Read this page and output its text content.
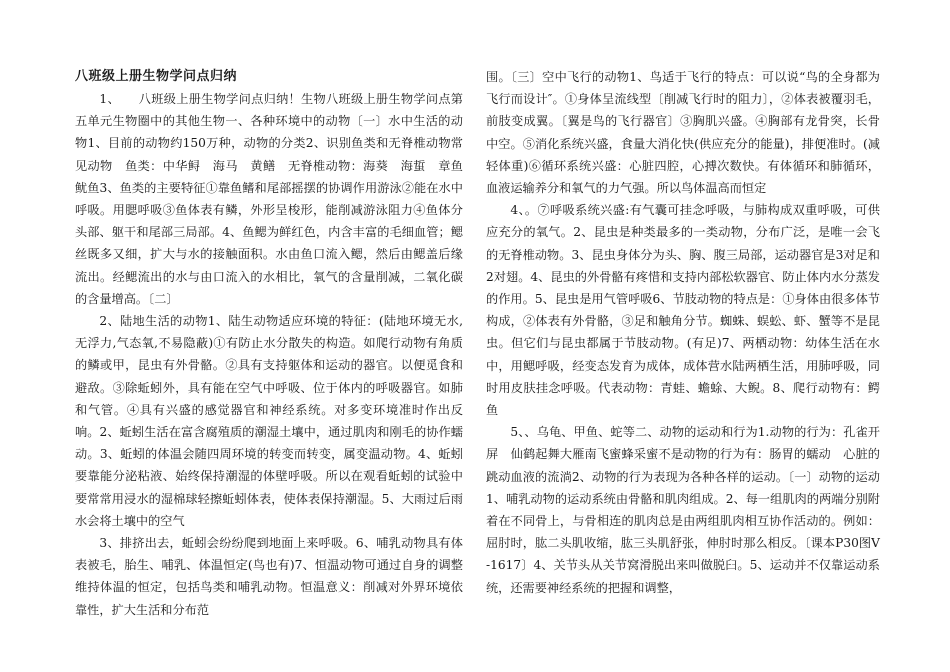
八班级上册生物学问点归纳

1、　　八班级上册生物学问点归纳！生物八班级上册生物学问点第五单元生物圈中的其他生物一、各种环境中的动物〔一〕水中生活的动物1、目前的动物约150万种，动物的分类2、识别鱼类和无脊椎动物常见动物　鱼类：中华鲟　海马　黄鳝　无脊椎动物：海葵　海蜇　章鱼　鱿鱼3、鱼类的主要特征①靠鱼鳍和尾部摇摆的协调作用游泳②能在水中呼吸。用腮呼吸③鱼体表有鳞，外形呈梭形，能削减游泳阻力④鱼体分头部、躯干和尾部三局部。4、鱼鳃为鲜红色，内含丰富的毛细血管；鳃丝既多又细，扩大与水的接触面积。水由鱼口流入鳃，然后由鳃盖后缘流出。经鳃流出的水与由口流入的水相比，氧气的含量削减，二氧化碳的含量增高。〔二〕

2、陆地生活的动物1、陆生动物适应环境的特征：(陆地环境无水,无浮力,气态氧,不易隐蔽)①有防止水分散失的构造。如爬行动物有角质的鳞或甲，昆虫有外骨骼。②具有支持躯体和运动的器官。以便觅食和避敌。③除蚯蚓外，具有能在空气中呼吸、位于体内的呼吸器官。如肺和气管。④具有兴盛的感觉器官和神经系统。对多变环境准时作出反响。2、蚯蚓生活在富含腐殖质的潮湿土壤中，通过肌肉和刚毛的协作蠕动。3、蚯蚓的体温会随四周环境的转变而转变，属变温动物。4、蚯蚓要靠能分泌粘液、始终保持潮湿的体壁呼吸。所以在观看蚯蚓的试验中要常常用浸水的湿棉球轻擦蚯蚓体表，使体表保持潮湿。5、大雨过后雨水会将土壤中的空气

3、排挤出去，蚯蚓会纷纷爬到地面上来呼吸。6、哺乳动物具有体表被毛，胎生、哺乳、体温恒定(鸟也有)7、恒温动物可通过自身的调整维持体温的恒定，包括鸟类和哺乳动物。恒温意义：削减对外界环境依靠性，扩大生活和分布范

围。〔三〕空中飞行的动物1、鸟适于飞行的特点：可以说“鸟的全身都为飞行而设计″。①身体呈流线型〔削减飞行时的阻力〕，②体表被覆羽毛，前肢变成翼。〔翼是鸟的飞行器官〕③胸肌兴盛。④胸部有龙骨突，长骨中空。⑤消化系统兴盛，食量大消化快(供应充分的能量)，排便准时。(减轻体重)⑥循环系统兴盛：心脏四腔，心搏次数快。有体循环和肺循环，血液运输养分和氧气的力气强。所以鸟体温高而恒定

4、。⑦呼吸系统兴盛:有气囊可挂念呼吸，与肺构成双重呼吸，可供应充分的氧气。2、昆虫是种类最多的一类动物，分布广泛，是唯一会飞的无脊椎动物。3、昆虫身体分为头、胸、腹三局部，运动器官是3对足和2对翅。4、昆虫的外骨骼有疼惜和支持内部松软器官、防止体内水分蒸发的作用。5、昆虫是用气管呼吸6、节肢动物的特点是：①身体由很多体节构成，②体表有外骨骼，③足和触角分节。蜘蛛、蜈蚣、虾、蟹等不是昆虫。但它们与昆虫都属于节肢动物。(有足)7、两栖动物：幼体生活在水中，用鳃呼吸，经变态发育为成体，成体营水陆两栖生活，用肺呼吸，同时用皮肤挂念呼吸。代表动物：青蛙、蟾蜍、大鲵。8、爬行动物有：鳄鱼

5、、乌龟、甲鱼、蛇等二、动物的运动和行为1.动物的行为：孔雀开屏　仙鹤起舞大雁南飞蜜蜂采蜜不是动物的行为有：肠胃的蠕动　心脏的跳动血液的流淌2、动物的行为表现为各种各样的运动。〔一〕动物的运动1、哺乳动物的运动系统由骨骼和肌肉组成。2、每一组肌肉的两端分别附着在不同骨上，与骨相连的肌肉总是由两组肌肉相互协作活动的。例如：屈肘时，肱二头肌收缩，肱三头肌舒张，伸肘时那么相反。〔课本P30图V-1617〕4、关节头从关节窝滑脱出来叫做脱臼。5、运动并不仅靠运动系统，还需要神经系统的把握和调整，
